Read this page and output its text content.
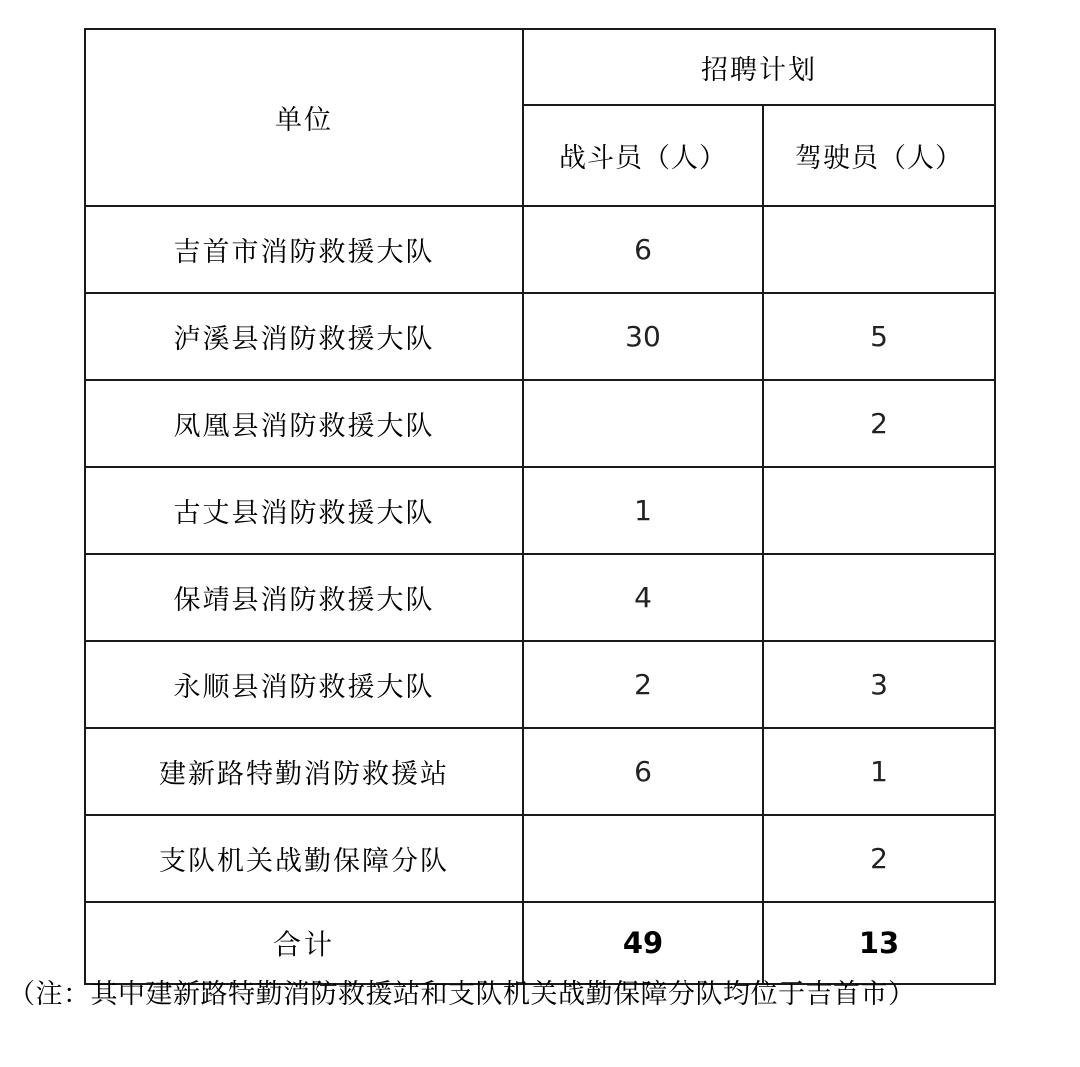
单位	招聘计划	
	战斗员（人）	驾驶员（人）
吉首市消防救援大队	6	
泸溪县消防救援大队	30	5
凤凰县消防救援大队		2
古丈县消防救援大队	1	
保靖县消防救援大队	4	
永顺县消防救援大队	2	3
建新路特勤消防救援站	6	1
支队机关战勤保障分队		2
合计	49	13
（注：其中建新路特勤消防救援站和支队机关战勤保障分队均位于吉首市）
